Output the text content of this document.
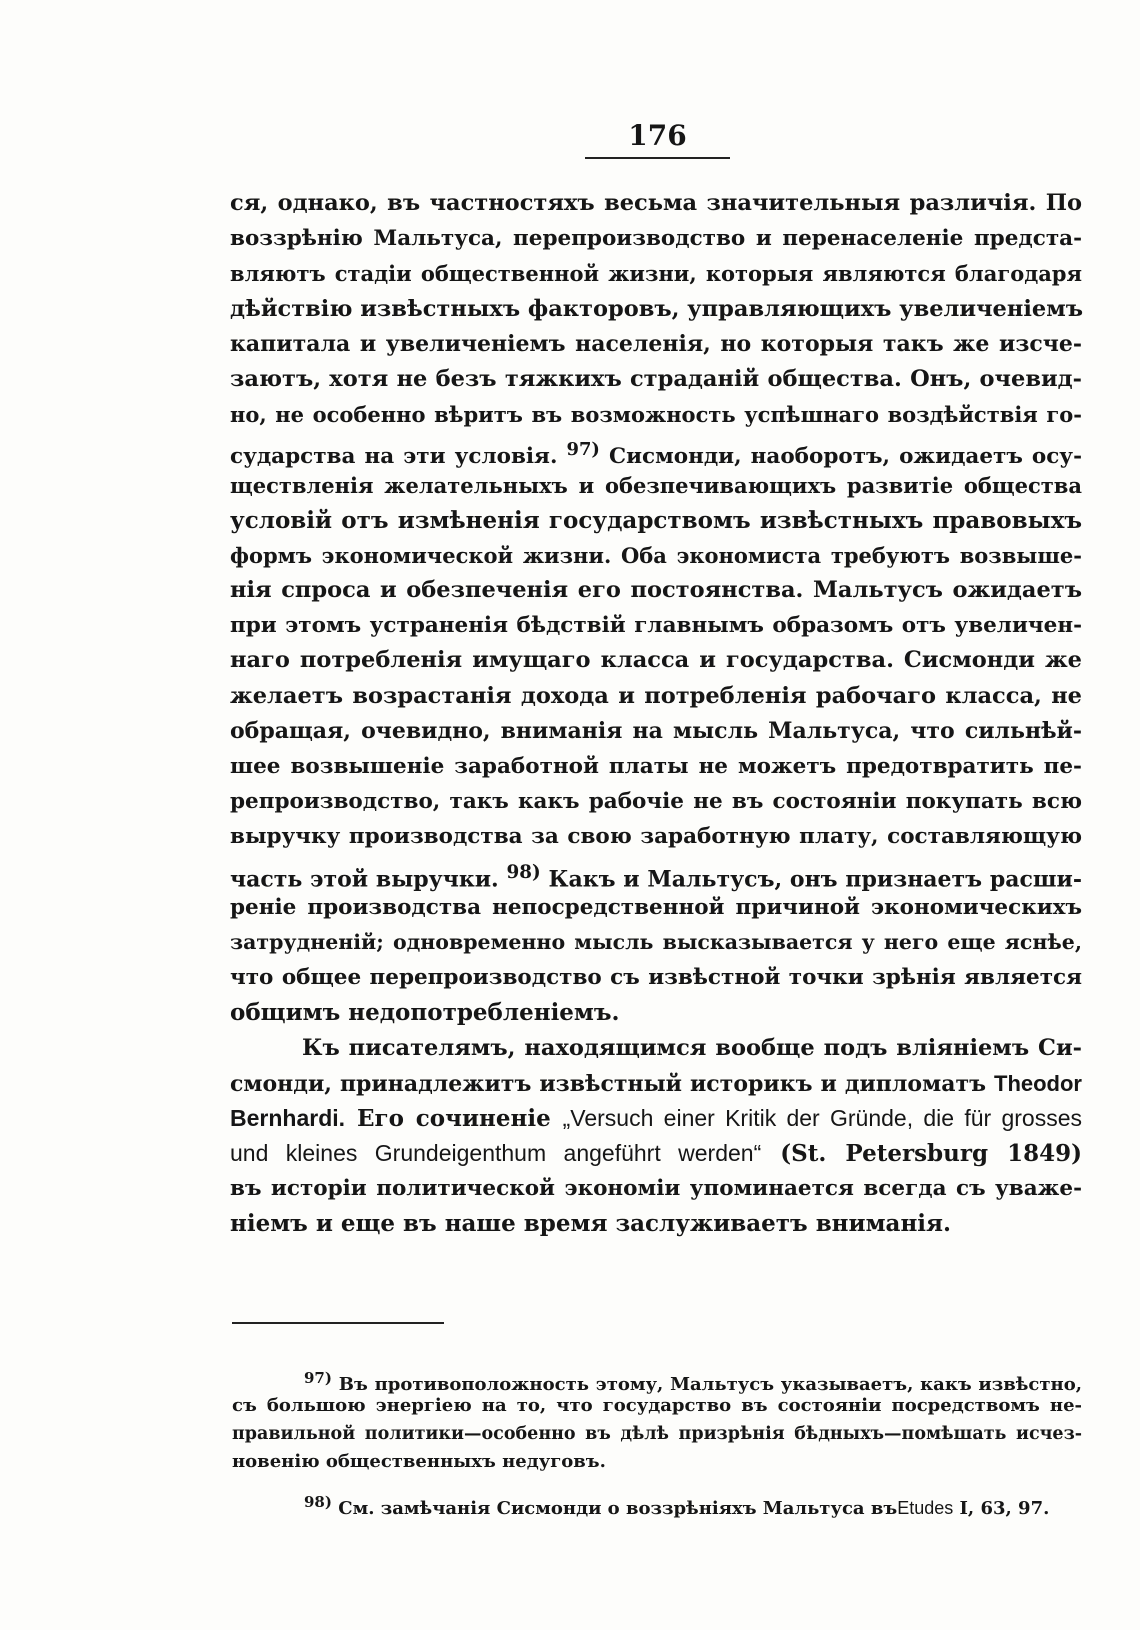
176
ся, однако, въ частностяхъ весьма значительныя различія. По
воззрѣнію Мальтуса, перепроизводство и перенаселеніе предста-
вляютъ стадіи общественной жизни, которыя являются благодаря
дѣйствію извѣстныхъ факторовъ, управляющихъ увеличеніемъ
капитала и увеличеніемъ населенія, но которыя такъ же изсче-
заютъ, хотя не безъ тяжкихъ страданій общества. Онъ, очевид-
но, не особенно вѣритъ въ возможность успѣшнаго воздѣйствія го-
сударства на эти условія. $^{97)}$ Сисмонди, наоборотъ, ожидаетъ осу-
ществленія желательныхъ и обезпечивающихъ развитіе общества
условій отъ измѣненія государствомъ извѣстныхъ правовыхъ
формъ экономической жизни. Оба экономиста требуютъ возвыше-
нія спроса и обезпеченія его постоянства. Мальтусъ ожидаетъ
при этомъ устраненія бѣдствій главнымъ образомъ отъ увеличен-
наго потребленія имущаго класса и государства. Сисмонди же
желаетъ возрастанія дохода и потребленія рабочаго класса, не
обращая, очевидно, вниманія на мысль Мальтуса, что сильнѣй-
шее возвышеніе заработной платы не можетъ предотвратить пе-
репроизводство, такъ какъ рабочіе не въ состояніи покупать всю
выручку производства за свою заработную плату, составляющую
часть этой выручки. $^{98)}$ Какъ и Мальтусъ, онъ признаетъ расши-
реніе производства непосредственной причиной экономическихъ
затрудненій; одновременно мысль высказывается у него еще яснѣе,
что общее перепроизводство съ извѣстной точки зрѣнія является
общимъ недопотребленіемъ.
Къ писателямъ, находящимся вообще подъ вліяніемъ Си-
смонди, принадлежитъ извѣстный историкъ и дипломатъ Theodor
Bernhardi. Его сочиненіе „Versuch einer Kritik der Gründe, die für grosses
und kleines Grundeigenthum angeführt werden“ (St. Petersburg 1849)
въ исторіи политической экономіи упоминается всегда съ уваже-
ніемъ и еще въ наше время заслуживаетъ вниманія.
$^{97)}$ Въ противоположность этому, Мальтусъ указываетъ, какъ извѣстно,
съ большою энергіею на то, что государство въ состояніи посредствомъ не-
правильной политики—особенно въ дѣлѣ призрѣнія бѣдныхъ—помѣшать исчез-
новенію общественныхъ недуговъ.
$^{98)}$ См. замѣчанія Сисмонди о воззрѣніяхъ Мальтуса въEtudes I, 63, 97.
